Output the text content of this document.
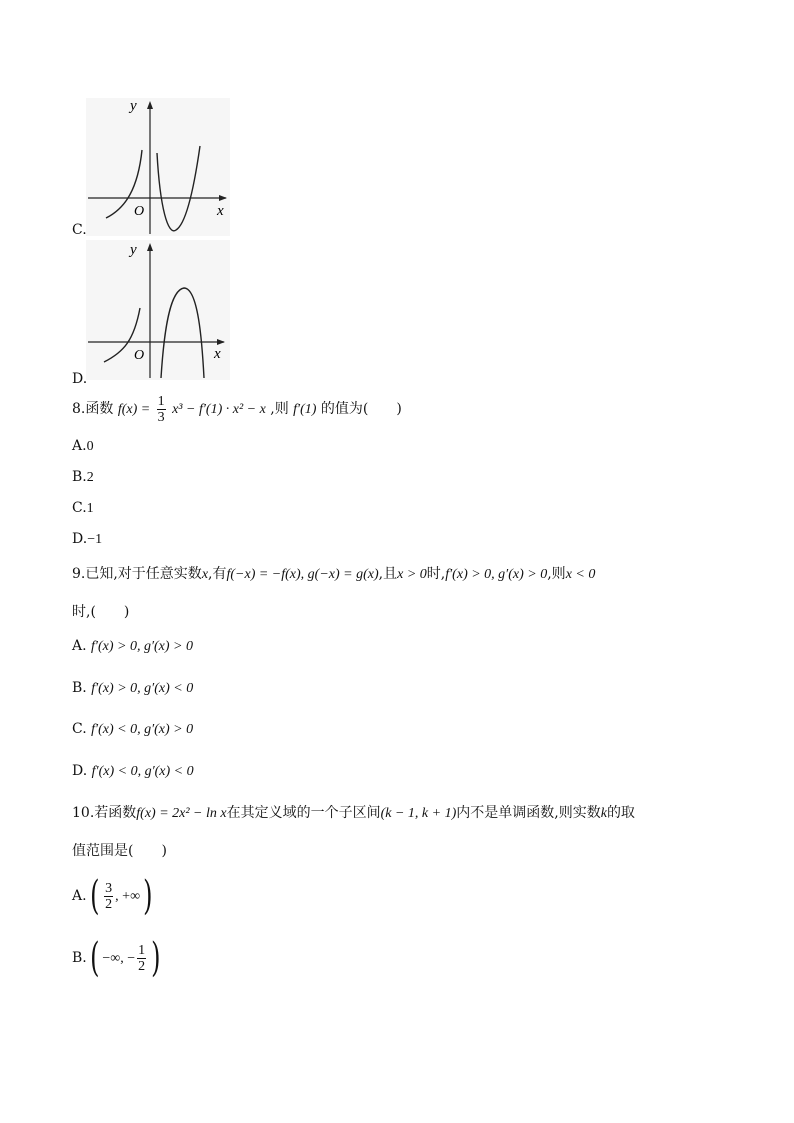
y
x
O
C.
y
x
O
D.
8.函数 $f(x) = \frac{1}{3} x^3 - f'(1) \cdot x^2 - x$ ,则 f′(1) 的值为(　　)
A.0
B.2
C.1
D.−1
9.已知,对于任意实数x,有f(−x) = −f(x), g(−x) = g(x),且x > 0时,f′(x) > 0, g′(x) > 0,则x < 0
时,(　　)
A. f′(x) > 0, g′(x) > 0
B. f′(x) > 0, g′(x) < 0
C. f′(x) < 0, g′(x) > 0
D. f′(x) < 0, g′(x) < 0
10.若函数f(x) = 2x² − ln x在其定义域的一个子区间(k − 1, k + 1)内不是单调函数,则实数k的取
值范围是(　　)
$A.( \frac{3}{2}$ , +∞)
B.( −∞, − $\frac{1}{2}$ )
